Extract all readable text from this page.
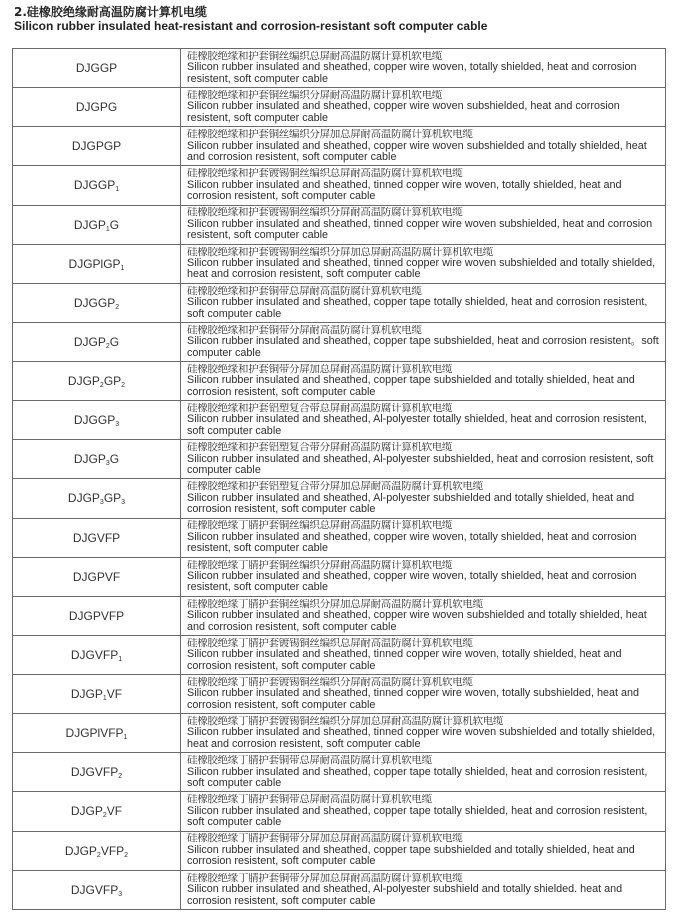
2.硅橡胶绝缘耐高温防腐计算机电缆
Silicon rubber insulated heat-resistant and corrosion-resistant soft computer cable
DJGGP	硅橡胶绝缘和护套铜丝编织总屏耐高温防腐计算机软电缆
Silicon rubber insulated and sheathed, copper wire woven, totally shielded, heat and corrosion resistent, soft computer cable

DJGPG	硅橡胶绝缘和护套铜丝编织分屏耐高温防腐计算机软电缆
Silicon rubber insulated and sheathed, copper wire woven subshielded, heat and corrosion resistent, soft computer cable

DJGPGP	硅橡胶绝缘和护套铜丝编织分屏加总屏耐高温防腐计算机软电缆
Silicon rubber insulated and sheathed, copper wire woven subshielded and totally shielded, heat and corrosion resistent, soft computer cable

$DJGGP_1$	硅橡胶绝缘和护套镀锡铜丝编织总屏耐高温防腐计算机软电缆
Silicon rubber insulated and sheathed, tinned copper wire woven, totally shielded, heat and corrosion resistent, soft computer cable

$DJGP_1G$	硅橡胶绝缘和护套镀锡铜丝编织分屏耐高温防腐计算机软电缆
Silicon rubber insulated and sheathed, tinned copper wire woven subshielded, heat and corrosion resistent, soft computer cable

DJGPlGP$_1$	硅橡胶绝缘和护套镀锡铜丝编织分屏加总屏耐高温防腐计算机软电缆
Silicon rubber insulated and sheathed, tinned copper wire woven subshielded and totally shielded, heat and corrosion resistent, soft computer cable

$DJGGP_2$	硅橡胶绝缘和护套铜带总屏耐高温防腐计算机软电缆
Silicon rubber insulated and sheathed, copper tape totally shielded, heat and corrosion resistent, soft computer cable

$DJGP_2G$	硅橡胶绝缘和护套铜带分屏耐高温防腐计算机软电缆
Silicon rubber insulated and sheathed, copper tape subshielded, heat and corrosion resistent。soft computer cable

$DJGP_2GP_2$	硅橡胶绝缘和护套铜带分屏加总屏耐高温防腐计算机软电缆
Silicon rubber insulated and sheathed, copper tape subshielded and totally shielded, heat and corrosion resistent, soft computer cable

$DJGGP_3$	硅橡胶绝缘和护套铝塑复合带总屏耐高温防腐计算机软电缆
Silicon rubber insulated and sheathed, Al-polyester totally shielded, heat and corrosion resistent, soft computer cable

$DJGP_3G$	硅橡胶绝缘和护套铝塑复合带分屏耐高温防腐计算机软电缆
Silicon rubber insulated and sheathed, Al-polyester subshielded, heat and corrosion resistent, soft computer cable

$DJGP_3GP_3$	硅橡胶绝缘和护套铝塑复合带分屏加总屏耐高温防腐计算机软电缆
Silicon rubber insulated and sheathed, Al-polyester subshielded and totally shielded, heat and corrosion resistent, soft computer cable

DJGVFP	硅橡胶绝缘丁腈护套铜丝编织总屏耐高温防腐计算机软电缆
Silicon rubber insulated and sheathed, copper wire woven, totally shielded, heat and corrosion resistent, soft computer cable

DJGPVF	硅橡胶绝缘丁腈护套铜丝编织分屏耐高温防腐计算机软电缆
Silicon rubber insulated and sheathed, copper wire woven, totally shielded, heat and corrosion resistent, soft computer cable

DJGPVFP	硅橡胶绝缘丁腈护套铜丝编织分屏加总屏耐高温防腐计算机软电缆
Silicon rubber insulated and sheathed, copper wire woven subshielded and totally shielded, heat and corrosion resistent, soft computer cable

$DJGVFP_1$	硅橡胶绝缘丁腈护套镀锡铜丝编织总屏耐高温防腐计算机软电缆
Silicon rubber insulated and sheathed, tinned copper wire woven, totally shielded, heat and corrosion resistent, soft computer cable

$DJGP_1VF$	硅橡胶绝缘丁腈护套镀锡铜丝编织分屏耐高温防腐计算机软电缆
Silicon rubber insulated and sheathed, tinned copper wire woven, totally subshielded, heat and corrosion resistent, soft computer cable

DJGPlVFP$_1$	硅橡胶绝缘丁腈护套镀锡铜丝编织分屏加总屏耐高温防腐计算机软电缆
Silicon rubber insulated and sheathed, tinned copper wire woven subshielded and totally shielded, heat and corrosion resistent, soft computer cable

$DJGVFP_2$	硅橡胶绝缘丁腈护套铜带总屏耐高温防腐计算机软电缆
Silicon rubber insulated and sheathed, copper tape totally shielded, heat and corrosion resistent, soft computer cable

$DJGP_2VF$	硅橡胶绝缘丁腈护套铜带总屏耐高温防腐计算机软电缆
Silicon rubber insulated and sheathed, copper tape totally shielded, heat and corrosion resistent, soft computer cable

$DJGP_2VFP_2$	硅橡胶绝缘丁腈护套铜带分屏加总屏耐高温防腐计算机软电缆
Silicon rubber insulated and sheathed, copper tape subshielded and totally shielded, heat and corrosion resistent, soft computer cable

$DJGVFP_3$	硅橡胶绝缘丁腈护套铜带分屏加总屏耐高温防腐计算机软电缆
Silicon rubber insulated and sheathed, Al-polyester subshield and totally shielded. heat and corrosion resistent, soft computer cable
